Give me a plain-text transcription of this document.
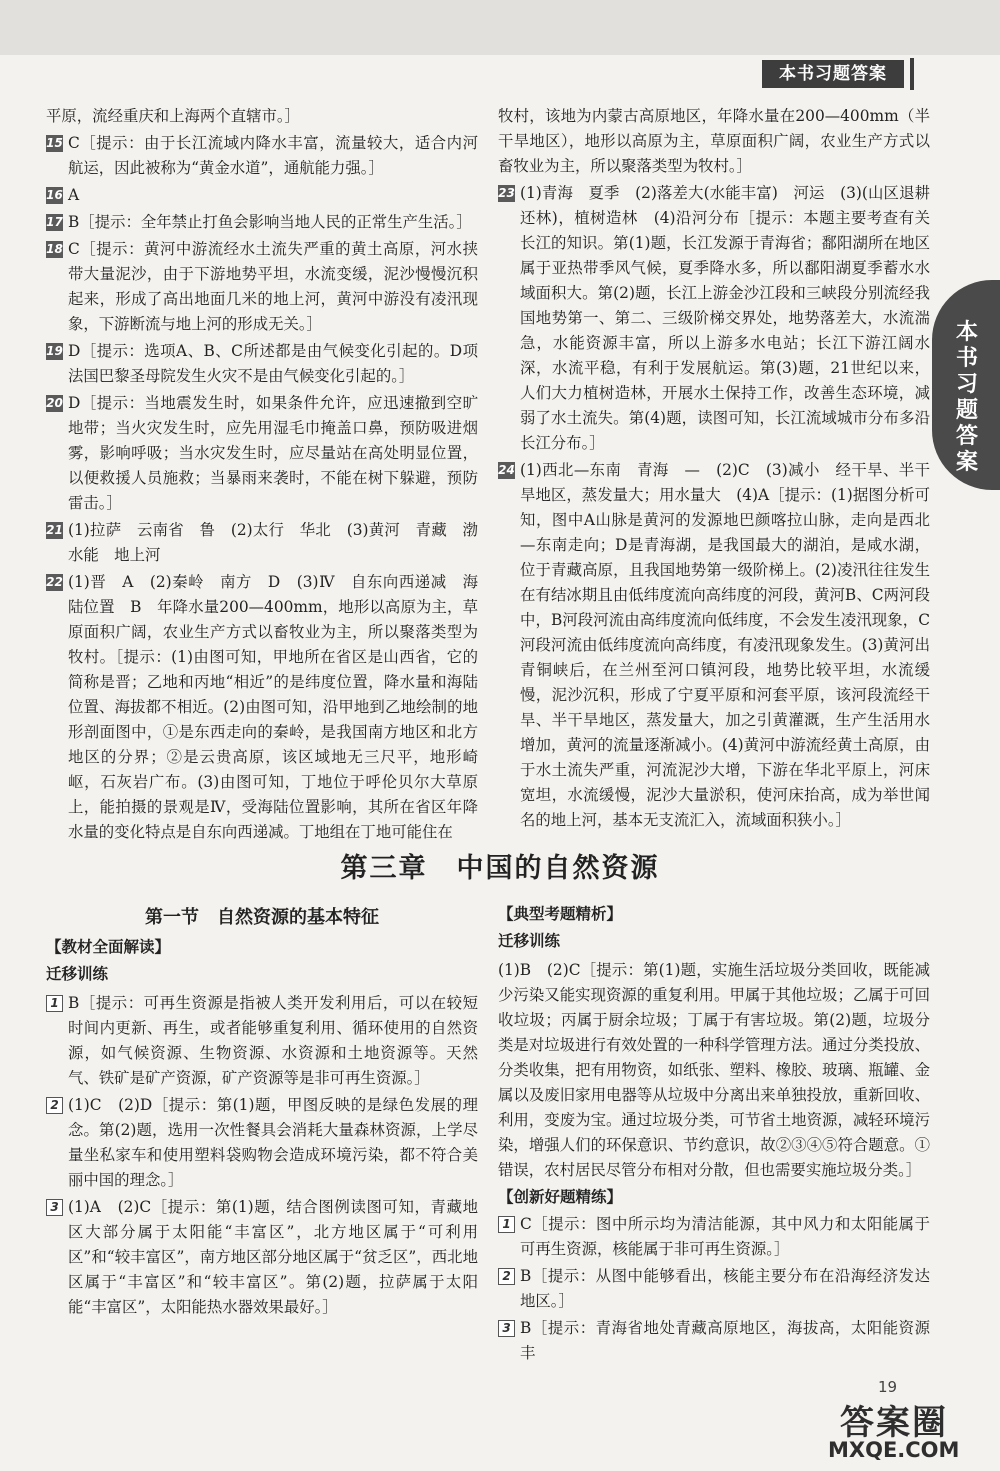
本书习题答案
本书习题答案
平原，流经重庆和上海两个直辖市。］
15 C［提示：由于长江流域内降水丰富，流量较大，适合内河航运，因此被称为“黄金水道”，通航能力强。］
16 A
17 B［提示：全年禁止打鱼会影响当地人民的正常生产生活。］
18 C［提示：黄河中游流经水土流失严重的黄土高原，河水挟带大量泥沙，由于下游地势平坦，水流变缓，泥沙慢慢沉积起来，形成了高出地面几米的地上河，黄河中游没有凌汛现象，下游断流与地上河的形成无关。］
19 D［提示：选项A、B、C所述都是由气候变化引起的。D项法国巴黎圣母院发生火灾不是由气候变化引起的。］
20 D［提示：当地震发生时，如果条件允许，应迅速撤到空旷地带；当火灾发生时，应先用湿毛巾掩盖口鼻，预防吸进烟雾，影响呼吸；当水灾发生时，应尽量站在高处明显位置，以便救援人员施救；当暴雨来袭时，不能在树下躲避，预防雷击。］
21 (1)拉萨　云南省　鲁　(2)太行　华北　(3)黄河　青藏　渤　水能　地上河
22 (1)晋　A　(2)秦岭　南方　D　(3)Ⅳ　自东向西递减　海陆位置　B　年降水量200—400mm，地形以高原为主，草原面积广阔，农业生产方式以畜牧业为主，所以聚落类型为牧村。［提示：(1)由图可知，甲地所在省区是山西省，它的简称是晋；乙地和丙地“相近”的是纬度位置，降水量和海陆位置、海拔都不相近。(2)由图可知，沿甲地到乙地绘制的地形剖面图中，①是东西走向的秦岭，是我国南方地区和北方地区的分界；②是云贵高原，该区域地无三尺平，地形崎岖，石灰岩广布。(3)由图可知，丁地位于呼伦贝尔大草原上，能拍摄的景观是Ⅳ，受海陆位置影响，其所在省区年降水量的变化特点是自东向西递减。丁地组在丁地可能住在
牧村，该地为内蒙古高原地区，年降水量在200—400mm（半干旱地区），地形以高原为主，草原面积广阔，农业生产方式以畜牧业为主，所以聚落类型为牧村。］
23 (1)青海　夏季　(2)落差大(水能丰富)　河运　(3)(山区退耕还林)，植树造林　(4)沿河分布［提示：本题主要考查有关长江的知识。第(1)题，长江发源于青海省；鄱阳湖所在地区属于亚热带季风气候，夏季降水多，所以鄱阳湖夏季蓄水水域面积大。第(2)题，长江上游金沙江段和三峡段分别流经我国地势第一、第二、三级阶梯交界处，地势落差大，水流湍急，水能资源丰富，所以上游多水电站；长江下游江阔水深，水流平稳，有利于发展航运。第(3)题，21世纪以来，人们大力植树造林，开展水土保持工作，改善生态环境，减弱了水土流失。第(4)题，读图可知，长江流域城市分布多沿长江分布。］
24 (1)西北—东南　青海　—　(2)C　(3)减小　经干旱、半干旱地区，蒸发量大；用水量大　(4)A［提示：(1)据图分析可知，图中A山脉是黄河的发源地巴颜喀拉山脉，走向是西北—东南走向；D是青海湖，是我国最大的湖泊，是咸水湖，位于青藏高原，且我国地势第一级阶梯上。(2)凌汛往往发生在有结冰期且由低纬度流向高纬度的河段，黄河B、C两河段中，B河段河流由高纬度流向低纬度，不会发生凌汛现象，C河段河流由低纬度流向高纬度，有凌汛现象发生。(3)黄河出青铜峡后，在兰州至河口镇河段，地势比较平坦，水流缓慢，泥沙沉积，形成了宁夏平原和河套平原，该河段流经干旱、半干旱地区，蒸发量大，加之引黄灌溉，生产生活用水增加，黄河的流量逐渐减小。(4)黄河中游流经黄土高原，由于水土流失严重，河流泥沙大增，下游在华北平原上，河床宽坦，水流缓慢，泥沙大量淤积，使河床抬高，成为举世闻名的地上河，基本无支流汇入，流域面积狭小。］
第三章　中国的自然资源
第一节　自然资源的基本特征
【教材全面解读】
迁移训练
1 B［提示：可再生资源是指被人类开发利用后，可以在较短时间内更新、再生，或者能够重复利用、循环使用的自然资源，如气候资源、生物资源、水资源和土地资源等。天然气、铁矿是矿产资源，矿产资源等是非可再生资源。］
2 (1)C　(2)D［提示：第(1)题，甲图反映的是绿色发展的理念。第(2)题，选用一次性餐具会消耗大量森林资源，上学尽量坐私家车和使用塑料袋购物会造成环境污染，都不符合美丽中国的理念。］
3 (1)A　(2)C［提示：第(1)题，结合图例读图可知，青藏地区大部分属于太阳能“丰富区”，北方地区属于“可利用区”和“较丰富区”，南方地区部分地区属于“贫乏区”，西北地区属于“丰富区”和“较丰富区”。第(2)题，拉萨属于太阳能“丰富区”，太阳能热水器效果最好。］
【典型考题精析】
迁移训练
(1)B　(2)C［提示：第(1)题，实施生活垃圾分类回收，既能减少污染又能实现资源的重复利用。甲属于其他垃圾；乙属于可回收垃圾；丙属于厨余垃圾；丁属于有害垃圾。第(2)题，垃圾分类是对垃圾进行有效处置的一种科学管理方法。通过分类投放、分类收集，把有用物资，如纸张、塑料、橡胶、玻璃、瓶罐、金属以及废旧家用电器等从垃圾中分离出来单独投放，重新回收、利用，变废为宝。通过垃圾分类，可节省土地资源，减轻环境污染，增强人们的环保意识、节约意识，故②③④⑤符合题意。①错误，农村居民尽管分布相对分散，但也需要实施垃圾分类。］
【创新好题精练】
1 C［提示：图中所示均为清洁能源，其中风力和太阳能属于可再生资源，核能属于非可再生资源。］
2 B［提示：从图中能够看出，核能主要分布在沿海经济发达地区。］
3 B［提示：青海省地处青藏高原地区，海拔高，太阳能资源丰
19
答案圈
MXQE.COM
